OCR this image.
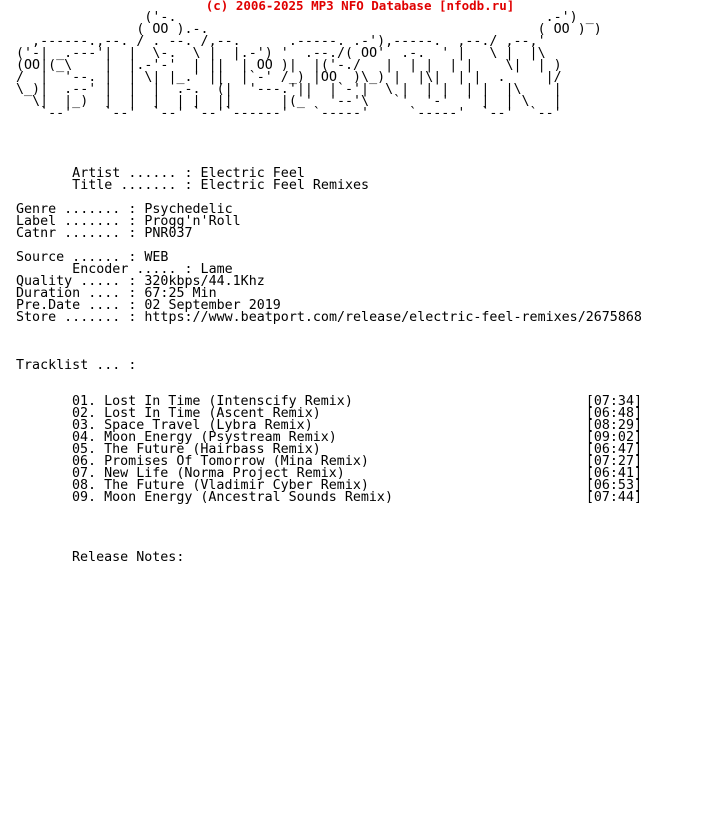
(c) 2006-2025 MP3 NFO Database [nfodb.ru]
('-.                                              .-') _
( OO ).-.                                         ( OO ) )
,------.,--. / . --. /,--.      .-----. .-'),-----.  ,--./ ,--,'
('-| _.---'|  |  \-.  \ |  |.-') '  .--./( OO'  .-.  ' |   \ |  |\
(OO|(_\    |  |.-'-'  | ||  | OO )|  |('-./   |  | |  | |    \|  | )
/  |  '--. |  | \| |_.' ||  |`-' /_) |OO  )\_) |  |\|  | |  .     |/
\_)|  .--' |  |  |  .-.  (|  '---.'||  |`-'|  \ |  | |  | |  |\    |
\|  |_)  |  |  |  | |  ||      |(_'  '--'\   `'  '-'  ' |  | \   |
`--'    `--'  `--' `--'`------'   `-----'     `-----'  `--'  `--'

Artist ...... : Electric Feel
Title ....... : Electric Feel Remixes

Genre ....... : Psychedelic
Label ....... : Progg'n'Roll
Catnr ....... : PNR037

Source ...... : WEB
Encoder ..... : Lame
Quality ..... : 320kbps/44.1Khz
Duration .... : 67:25 Min
Pre.Date .... : 02 September 2019
Store ....... : https://www.beatport.com/release/electric-feel-remixes/2675868

Tracklist ... :
01. Lost In Time (Intenscify Remix)	[07:34]
02. Lost In Time (Ascent Remix)	[06:48]
03. Space Travel (Lybra Remix)	[08:29]
04. Moon Energy (Psystream Remix)	[09:02]
05. The Future (Hairbass Remix)	[06:47]
06. Promises Of Tomorrow (Mina Remix)	[07:27]
07. New Life (Norma Project Remix)	[06:41]
08. The Future (Vladimir Cyber Remix)	[06:53]
09. Moon Energy (Ancestral Sounds Remix)	[07:44]
Release Notes:
